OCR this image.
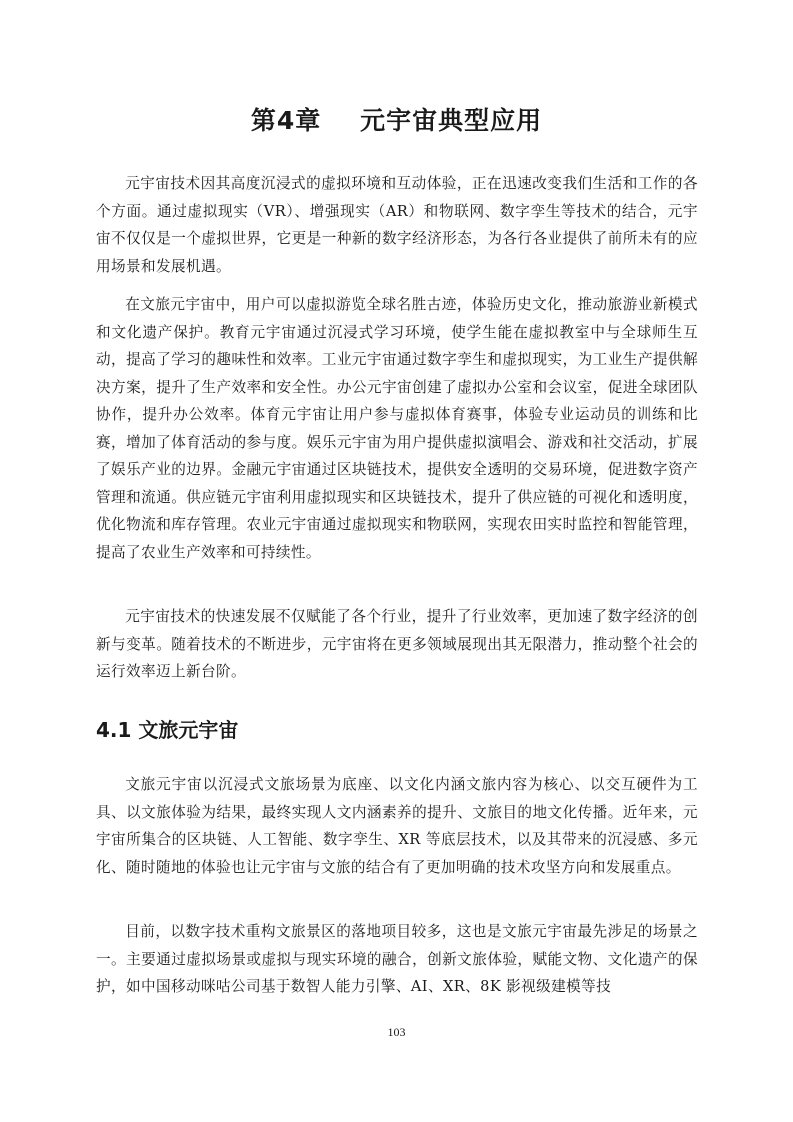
第4章    元宇宙典型应用

元宇宙技术因其高度沉浸式的虚拟环境和互动体验，正在迅速改变我们生活和工作的各个方面。通过虚拟现实（VR）、增强现实（AR）和物联网、数字孪生等技术的结合，元宇宙不仅仅是一个虚拟世界，它更是一种新的数字经济形态，为各行各业提供了前所未有的应用场景和发展机遇。

在文旅元宇宙中，用户可以虚拟游览全球名胜古迹，体验历史文化，推动旅游业新模式和文化遗产保护。教育元宇宙通过沉浸式学习环境，使学生能在虚拟教室中与全球师生互动，提高了学习的趣味性和效率。工业元宇宙通过数字孪生和虚拟现实，为工业生产提供解决方案，提升了生产效率和安全性。办公元宇宙创建了虚拟办公室和会议室，促进全球团队协作，提升办公效率。体育元宇宙让用户参与虚拟体育赛事，体验专业运动员的训练和比赛，增加了体育活动的参与度。娱乐元宇宙为用户提供虚拟演唱会、游戏和社交活动，扩展了娱乐产业的边界。金融元宇宙通过区块链技术，提供安全透明的交易环境，促进数字资产管理和流通。供应链元宇宙利用虚拟现实和区块链技术，提升了供应链的可视化和透明度，优化物流和库存管理。农业元宇宙通过虚拟现实和物联网，实现农田实时监控和智能管理，提高了农业生产效率和可持续性。

元宇宙技术的快速发展不仅赋能了各个行业，提升了行业效率，更加速了数字经济的创新与变革。随着技术的不断进步，元宇宙将在更多领域展现出其无限潜力，推动整个社会的运行效率迈上新台阶。

4.1 文旅元宇宙

文旅元宇宙以沉浸式文旅场景为底座、以文化内涵文旅内容为核心、以交互硬件为工具、以文旅体验为结果，最终实现人文内涵素养的提升、文旅目的地文化传播。近年来，元宇宙所集合的区块链、人工智能、数字孪生、XR 等底层技术，以及其带来的沉浸感、多元化、随时随地的体验也让元宇宙与文旅的结合有了更加明确的技术攻坚方向和发展重点。

目前，以数字技术重构文旅景区的落地项目较多，这也是文旅元宇宙最先涉足的场景之一。主要通过虚拟场景或虚拟与现实环境的融合，创新文旅体验，赋能文物、文化遗产的保护，如中国移动咪咕公司基于数智人能力引擎、AI、XR、8K 影视级建模等技

103
